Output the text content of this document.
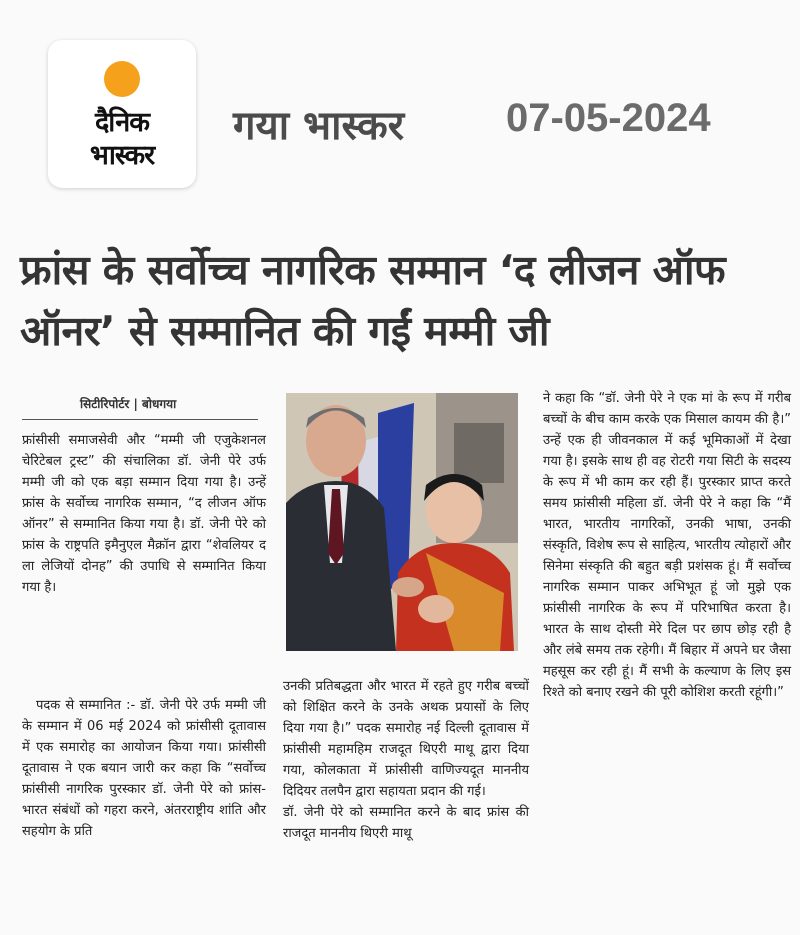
दैनिक
भास्कर
गया भास्कर	07-05-2024
फ्रांस के सर्वोच्च नागरिक सम्मान ‘द लीजन ऑफ ऑनर’ से सम्मानित की गईं मम्मी जी
सिटीरिपोर्टर | बोधगया

फ्रांसीसी समाजसेवी और “मम्मी जी एजुकेशनल चेरिटेबल ट्रस्ट” की संचालिका डॉ. जेनी पेरे उर्फ मम्मी जी को एक बड़ा सम्मान दिया गया है। उन्हें फ्रांस के सर्वोच्च नागरिक सम्मान, “द लीजन ऑफ ऑनर” से सम्मानित किया गया है। डॉ. जेनी पेरे को फ्रांस के राष्ट्रपति इमैनुएल मैक्रॉन द्वारा “शेवलियर द ला लेजियों दोनह” की उपाधि से सम्मानित किया गया है।

पदक से सम्मानित :- डॉ. जेनी पेरे उर्फ मम्मी जी के सम्मान में 06 मई 2024 को फ्रांसीसी दूतावास में एक समारोह का आयोजन किया गया। फ्रांसीसी दूतावास ने एक बयान जारी कर कहा कि “सर्वोच्च फ्रांसीसी नागरिक पुरस्कार डॉ. जेनी पेरे को फ्रांस-भारत संबंधों को गहरा करने, अंतरराष्ट्रीय शांति और सहयोग के प्रति

उनकी प्रतिबद्धता और भारत में रहते हुए गरीब बच्चों को शिक्षित करने के उनके अथक प्रयासों के लिए दिया गया है।” पदक समारोह नई दिल्ली दूतावास में फ्रांसीसी महामहिम राजदूत थिएरी माथू द्वारा दिया गया, कोलकाता में फ्रांसीसी वाणिज्यदूत माननीय दिदियर तलपैन द्वारा सहायता प्रदान की गई।

डॉ. जेनी पेरे को सम्मानित करने के बाद फ्रांस की राजदूत माननीय थिएरी माथू

ने कहा कि “डॉ. जेनी पेरे ने एक मां के रूप में गरीब बच्चों के बीच काम करके एक मिसाल कायम की है।” उन्हें एक ही जीवनकाल में कई भूमिकाओं में देखा गया है। इसके साथ ही वह रोटरी गया सिटी के सदस्य के रूप में भी काम कर रही हैं। पुरस्कार प्राप्त करते समय फ्रांसीसी महिला डॉ. जेनी पेरे ने कहा कि “मैं भारत, भारतीय नागरिकों, उनकी भाषा, उनकी संस्कृति, विशेष रूप से साहित्य, भारतीय त्योहारों और सिनेमा संस्कृति की बहुत बड़ी प्रशंसक हूं। मैं सर्वोच्च नागरिक सम्मान पाकर अभिभूत हूं जो मुझे एक फ्रांसीसी नागरिक के रूप में परिभाषित करता है। भारत के साथ दोस्ती मेरे दिल पर छाप छोड़ रही है और लंबे समय तक रहेगी। मैं बिहार में अपने घर जैसा महसूस कर रही हूं। मैं सभी के कल्याण के लिए इस रिश्ते को बनाए रखने की पूरी कोशिश करती रहूंगी।”
